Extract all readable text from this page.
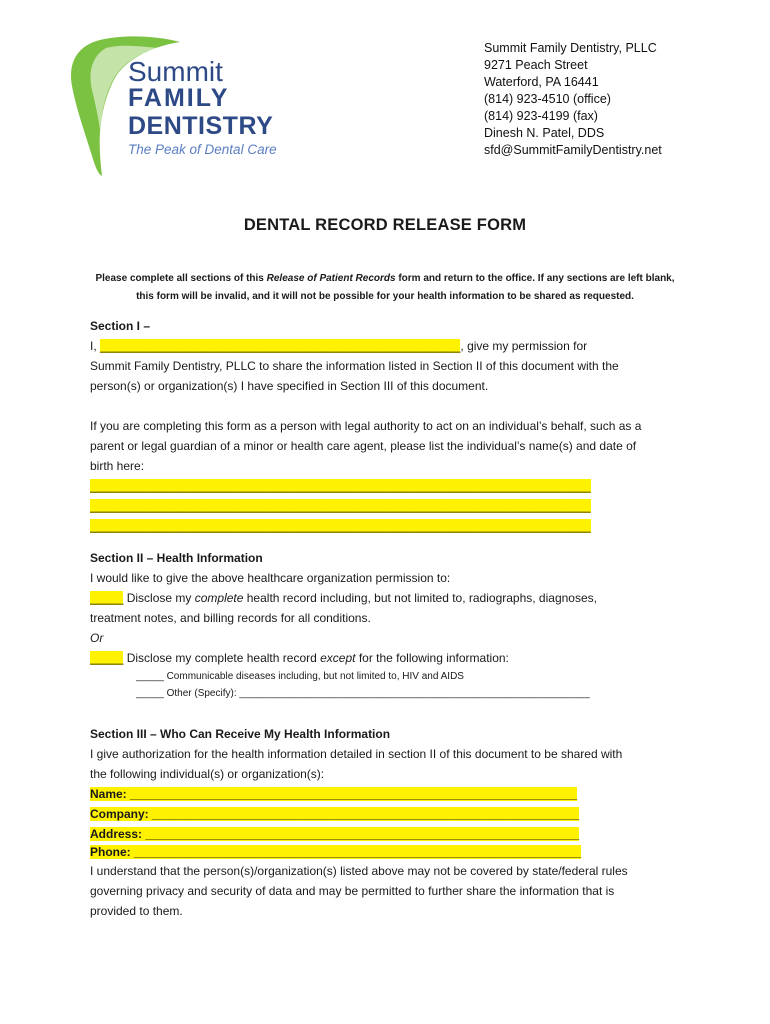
Summit
FAMILY
DENTISTRY
The Peak of Dental Care
Summit Family Dentistry, PLLC
9271 Peach Street
Waterford, PA 16441
(814) 923-4510 (office)
(814) 923-4199 (fax)
Dinesh N. Patel, DDS
sfd@SummitFamilyDentistry.net
DENTAL RECORD RELEASE FORM
Please complete all sections of this Release of Patient Records form and return to the office. If any sections are left blank, this form will be invalid, and it will not be possible for your health information to be shared as requested.
Section I –
I, ______________________________________________________, give my permission for
Summit Family Dentistry, PLLC to share the information listed in Section II of this document with the
person(s) or organization(s) I have specified in Section III of this document.
If you are completing this form as a person with legal authority to act on an individual’s behalf, such as a
parent or legal guardian of a minor or health care agent, please list the individual’s name(s) and date of
birth here:
___________________________________________________________________________
___________________________________________________________________________
___________________________________________________________________________
Section II – Health Information
I would like to give the above healthcare organization permission to:
_____ Disclose my complete health record including, but not limited to, radiographs, diagnoses,
treatment notes, and billing records for all conditions.
Or
_____ Disclose my complete health record except for the following information:
_____ Communicable diseases including, but not limited to, HIV and AIDS
_____ Other (Specify): _______________________________________________________________
Section III – Who Can Receive My Health Information
I give authorization for the health information detailed in section II of this document to be shared with
the following individual(s) or organization(s):
Name: ___________________________________________________________________
Company: ________________________________________________________________
Address: _________________________________________________________________
Phone: ___________________________________________________________________
I understand that the person(s)/organization(s) listed above may not be covered by state/federal rules
governing privacy and security of data and may be permitted to further share the information that is
provided to them.
